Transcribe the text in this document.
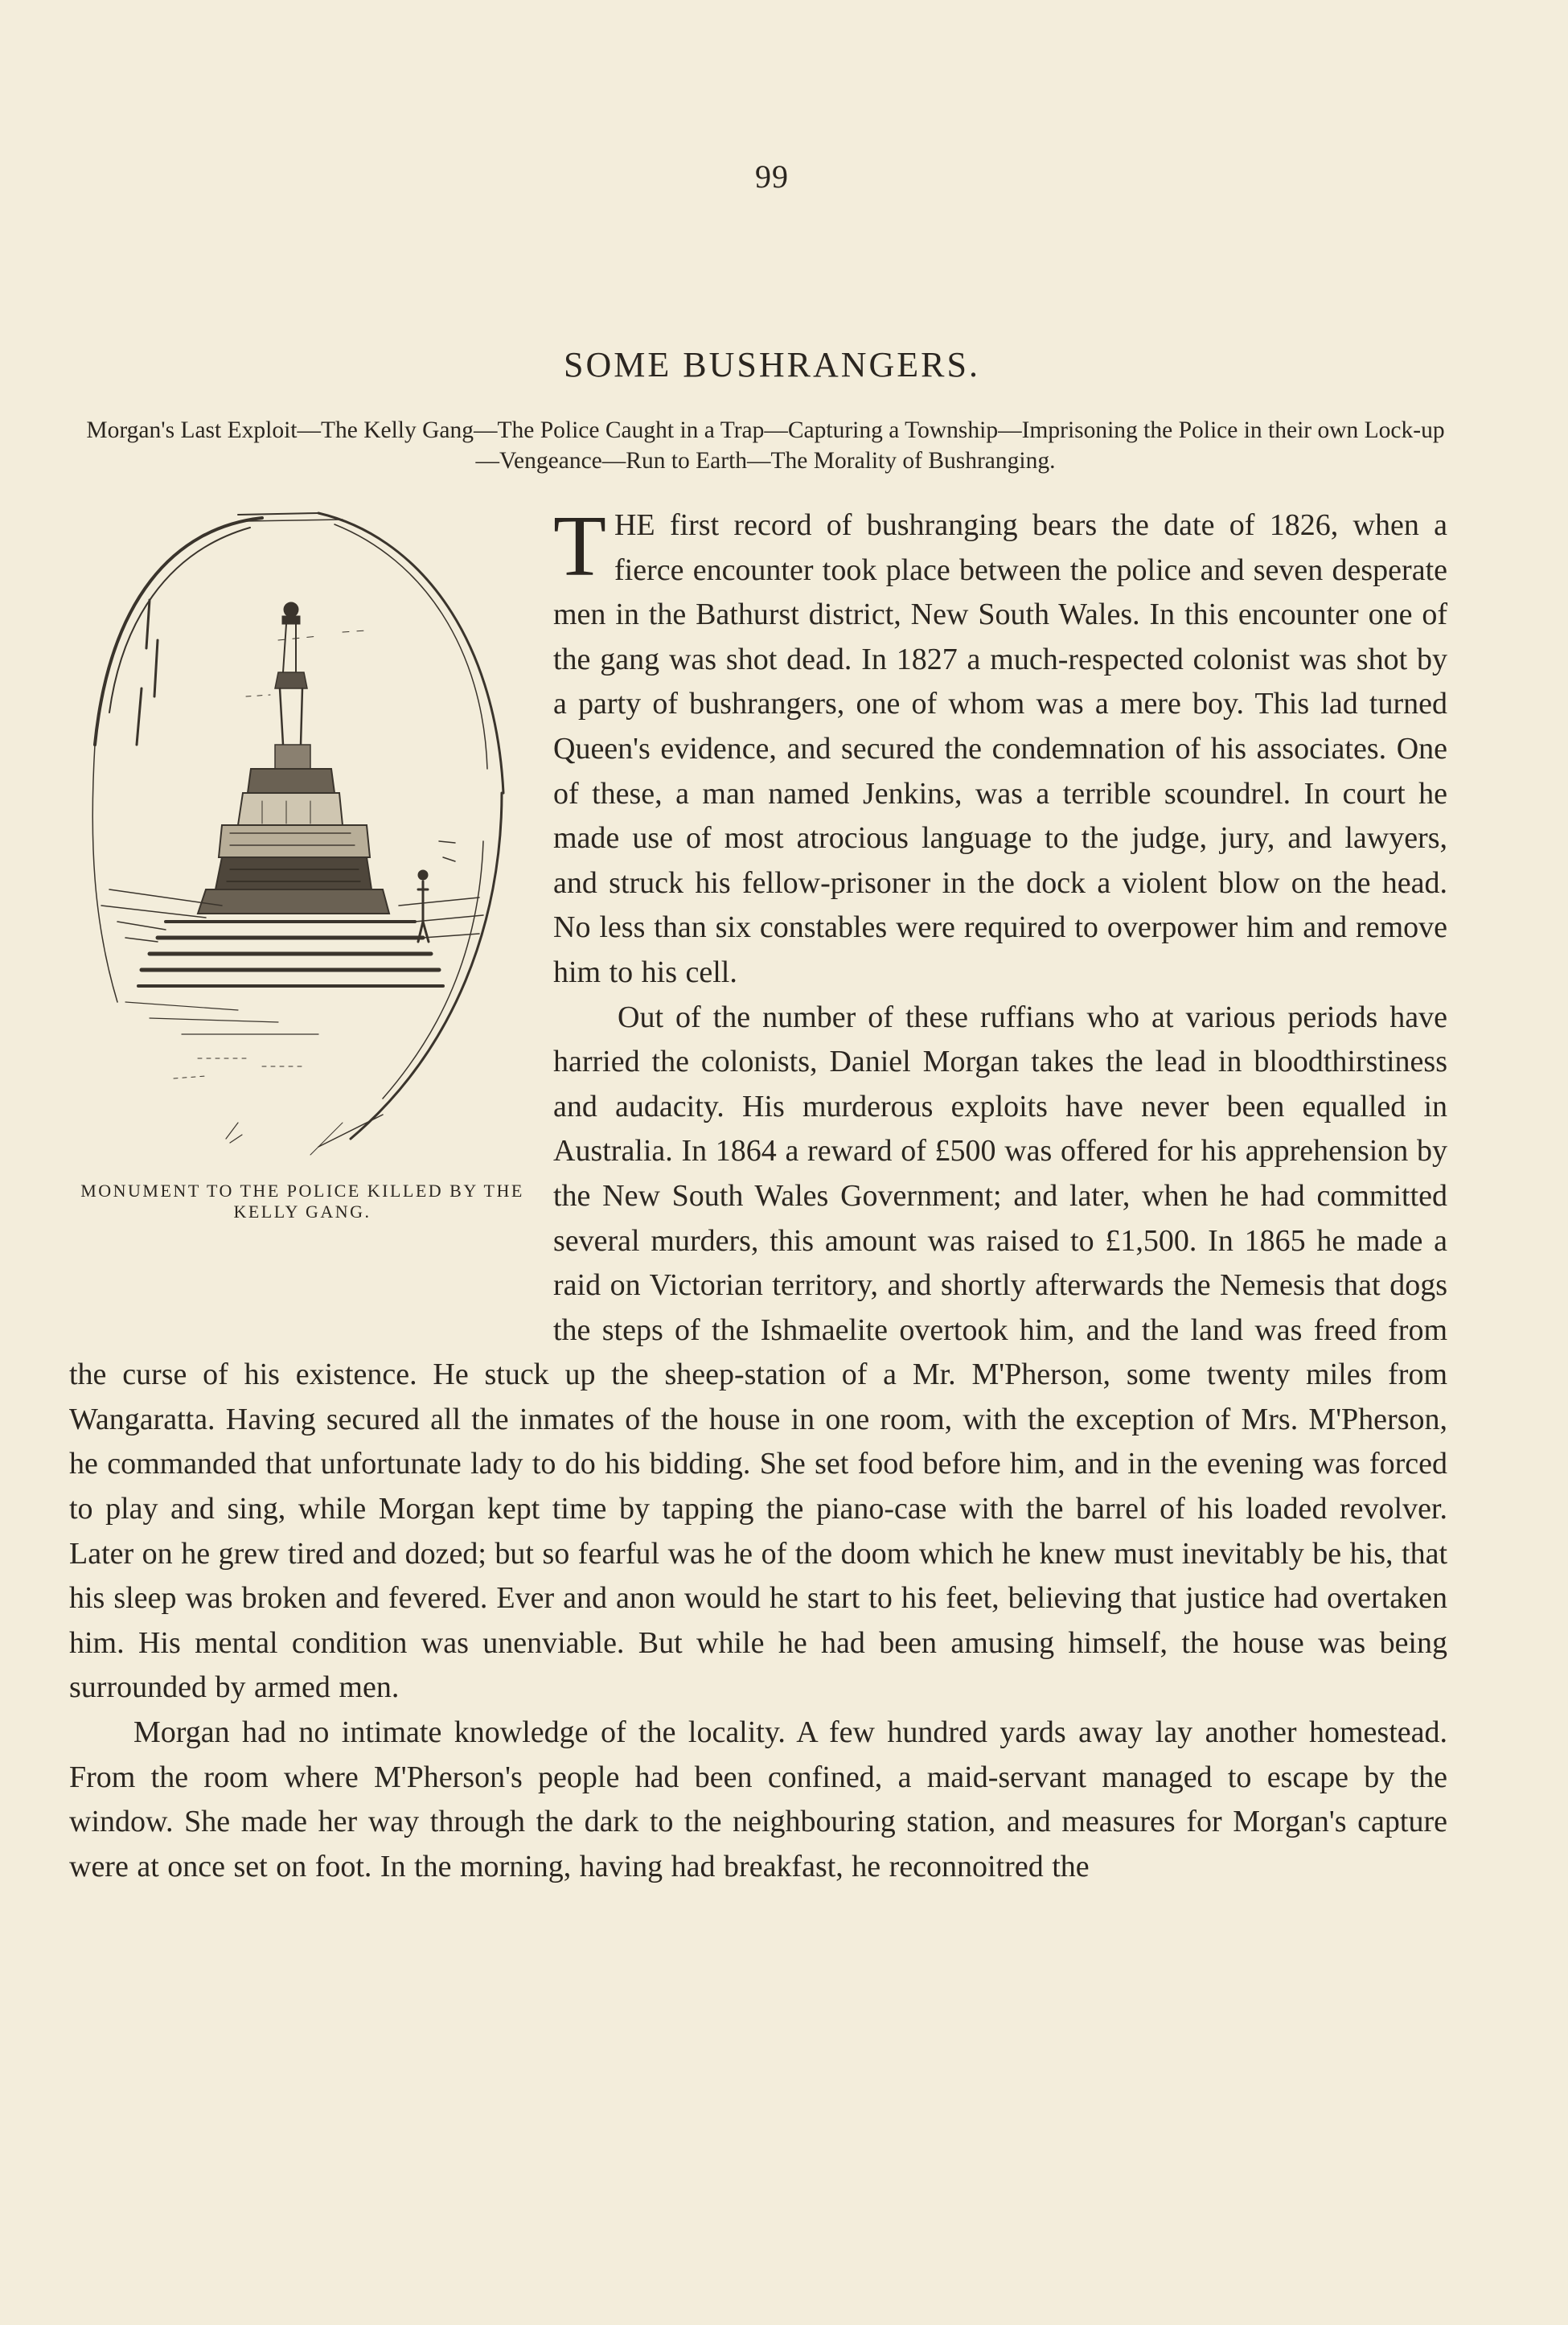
99
SOME BUSHRANGERS.
Morgan's Last Exploit—The Kelly Gang—The Police Caught in a Trap—Capturing a Township—Imprisoning the Police in their own Lock-up—Vengeance—Run to Earth—The Morality of Bushranging.
MONUMENT TO THE POLICE KILLED BY THE KELLY GANG.

THE first record of bushranging bears the date of 1826, when a fierce encounter took place between the police and seven desperate men in the Bathurst district, New South Wales. In this encounter one of the gang was shot dead. In 1827 a much-respected colonist was shot by a party of bushrangers, one of whom was a mere boy. This lad turned Queen's evidence, and secured the condemnation of his associates. One of these, a man named Jenkins, was a terrible scoundrel. In court he made use of most atrocious language to the judge, jury, and lawyers, and struck his fellow-prisoner in the dock a violent blow on the head. No less than six constables were required to overpower him and remove him to his cell.

Out of the number of these ruffians who at various periods have harried the colonists, Daniel Morgan takes the lead in bloodthirstiness and audacity. His murderous exploits have never been equalled in Australia. In 1864 a reward of £500 was offered for his apprehension by the New South Wales Government; and later, when he had committed several murders, this amount was raised to £1,500. In 1865 he made a raid on Victorian territory, and shortly afterwards the Nemesis that dogs the steps of the Ishmaelite overtook him, and the land was freed from the curse of his existence. He stuck up the sheep-station of a Mr. M'Pherson, some twenty miles from Wangaratta. Having secured all the inmates of the house in one room, with the exception of Mrs. M'Pherson, he commanded that unfortunate lady to do his bidding. She set food before him, and in the evening was forced to play and sing, while Morgan kept time by tapping the piano-case with the barrel of his loaded revolver. Later on he grew tired and dozed; but so fearful was he of the doom which he knew must inevitably be his, that his sleep was broken and fevered. Ever and anon would he start to his feet, believing that justice had overtaken him. His mental condition was unenviable. But while he had been amusing himself, the house was being surrounded by armed men.

Morgan had no intimate knowledge of the locality. A few hundred yards away lay another homestead. From the room where M'Pherson's people had been confined, a maid-servant managed to escape by the window. She made her way through the dark to the neighbouring station, and measures for Morgan's capture were at once set on foot. In the morning, having had breakfast, he reconnoitred the
